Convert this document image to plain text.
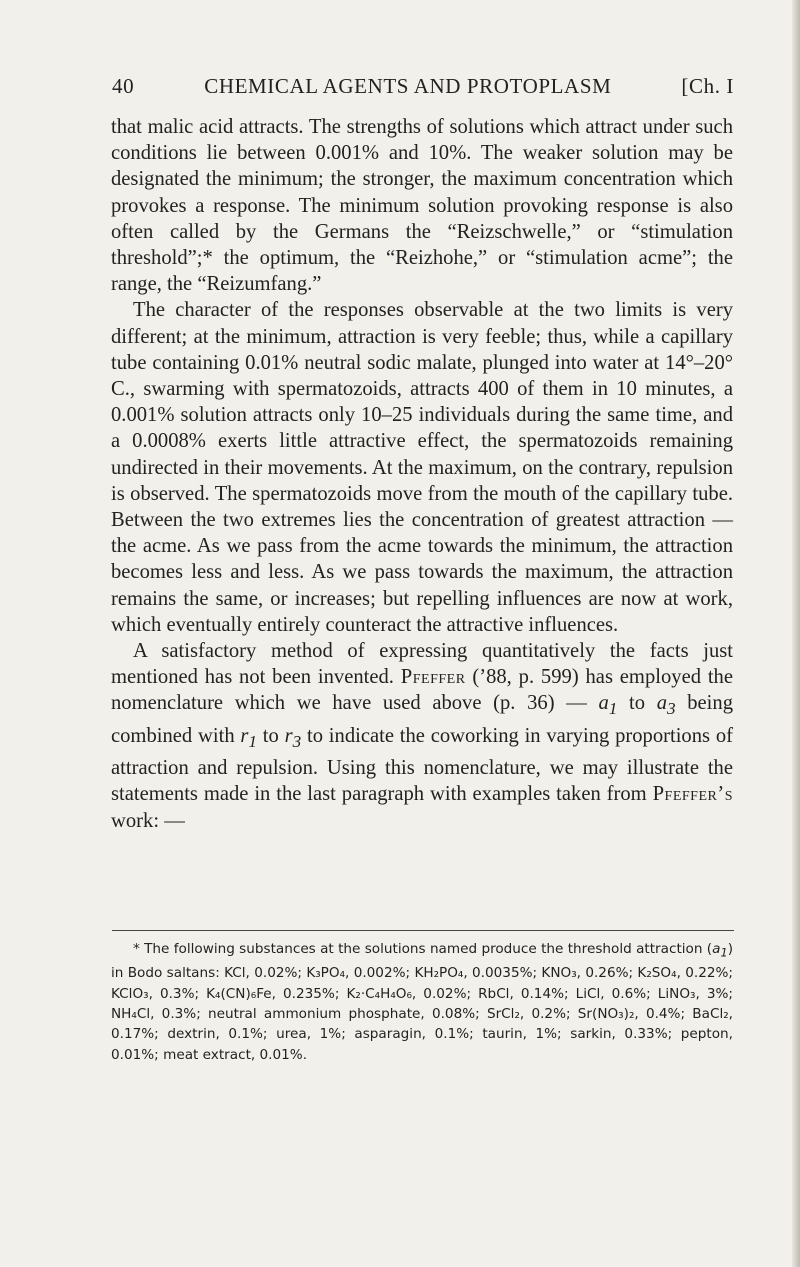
40	CHEMICAL AGENTS AND PROTOPLASM	[Ch. I

that malic acid attracts. The strengths of solutions which attract under such conditions lie between 0.001% and 10%. The weaker solution may be designated the minimum; the stronger, the maximum concentration which provokes a response. The minimum solution provoking response is also often called by the Germans the “Reizschwelle,” or “stimulation threshold”;* the optimum, the “Reizhohe,” or “stimulation acme”; the range, the “Reizumfang.”

The character of the responses observable at the two limits is very different; at the minimum, attraction is very feeble; thus, while a capillary tube containing 0.01% neutral sodic malate, plunged into water at 14°–20° C., swarming with spermatozoids, attracts 400 of them in 10 minutes, a 0.001% solution attracts only 10–25 individuals during the same time, and a 0.0008% exerts little attractive effect, the spermatozoids remaining undirected in their movements. At the maximum, on the contrary, repulsion is observed. The spermatozoids move from the mouth of the capillary tube. Between the two extremes lies the concentration of greatest attraction — the acme. As we pass from the acme towards the minimum, the attraction becomes less and less. As we pass towards the maximum, the attraction remains the same, or increases; but repelling influences are now at work, which eventually entirely counteract the attractive influences.

A satisfactory method of expressing quantitatively the facts just mentioned has not been invented. Pfeffer (’88, p. 599) has employed the nomenclature which we have used above (p. 36) — $a_1$ to $a_3$ being combined with $r_1$ to $r_3$ to indicate the coworking in varying proportions of attraction and repulsion. Using this nomenclature, we may illustrate the statements made in the last paragraph with examples taken from Pfeffer’s work: —

* The following substances at the solutions named produce the threshold attraction $(a_1)$ in Bodo saltans: KCl, 0.02%; K₃PO₄, 0.002%; KH₂PO₄, 0.0035%; KNO₃, 0.26%; K₂SO₄, 0.22%; KClO₃, 0.3%; K₄(CN)₆Fe, 0.235%; K₂·C₄H₄O₆, 0.02%; RbCl, 0.14%; LiCl, 0.6%; LiNO₃, 3%; NH₄Cl, 0.3%; neutral ammonium phosphate, 0.08%; SrCl₂, 0.2%; Sr(NO₃)₂, 0.4%; BaCl₂, 0.17%; dextrin, 0.1%; urea, 1%; asparagin, 0.1%; taurin, 1%; sarkin, 0.33%; pepton, 0.01%; meat extract, 0.01%.
